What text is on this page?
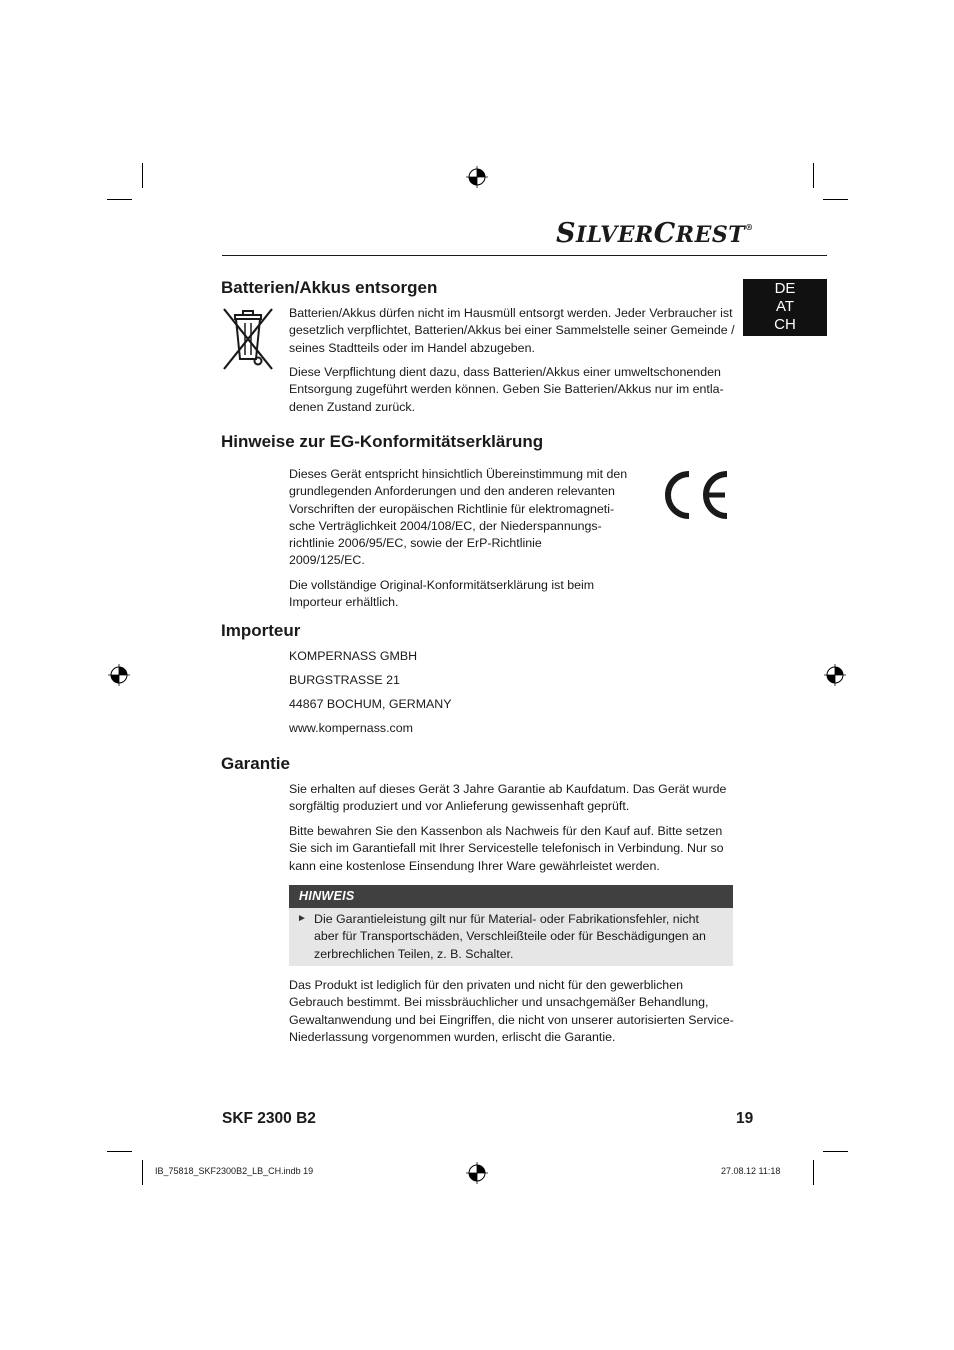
SILVERCREST®
DE
AT
CH
Batterien/Akkus entsorgen

Batterien/Akkus dürfen nicht im Hausmüll entsorgt werden. Jeder Verbraucher ist
gesetzlich verpflichtet, Batterien/Akkus bei einer Sammelstelle seiner Gemeinde /
seines Stadtteils oder im Handel abzugeben.

Diese Verpflichtung dient dazu, dass Batterien/Akkus einer umweltschonenden
Entsorgung zugeführt werden können. Geben Sie Batterien/Akkus nur im entla-
denen Zustand zurück.

Hinweise zur EG-Konformitätserklärung

Dieses Gerät entspricht hinsichtlich Übereinstimmung mit den
grundlegenden Anforderungen und den anderen relevanten
Vorschriften der europäischen Richtlinie für elektromagneti-
sche Verträglichkeit 2004/108/EC, der Niederspannungs-
richtlinie 2006/95/EC, sowie der ErP-Richtlinie
2009/125/EC.

Die vollständige Original-Konformitätserklärung ist beim
Importeur erhältlich.

Importeur

KOMPERNASS GMBH

BURGSTRASSE 21

44867 BOCHUM, GERMANY

www.kompernass.com

Garantie

Sie erhalten auf dieses Gerät 3 Jahre Garantie ab Kaufdatum. Das Gerät wurde
sorgfältig produziert und vor Anlieferung gewissenhaft geprüft.

Bitte bewahren Sie den Kassenbon als Nachweis für den Kauf auf. Bitte setzen
Sie sich im Garantiefall mit Ihrer Servicestelle telefonisch in Verbindung. Nur so
kann eine kostenlose Einsendung Ihrer Ware gewährleistet werden.

HINWEIS
► Die Garantieleistung gilt nur für Material- oder Fabrikationsfehler, nicht
aber für Transportschäden, Verschleißteile oder für Beschädigungen an
zerbrechlichen Teilen, z. B. Schalter.

Das Produkt ist lediglich für den privaten und nicht für den gewerblichen
Gebrauch bestimmt. Bei missbräuchlicher und unsachgemäßer Behandlung,
Gewaltanwendung und bei Eingriffen, die nicht von unserer autorisierten Service-
Niederlassung vorgenommen wurden, erlischt die Garantie.

SKF 2300 B2	19
IB_75818_SKF2300B2_LB_CH.indb 19	27.08.12 11:18
